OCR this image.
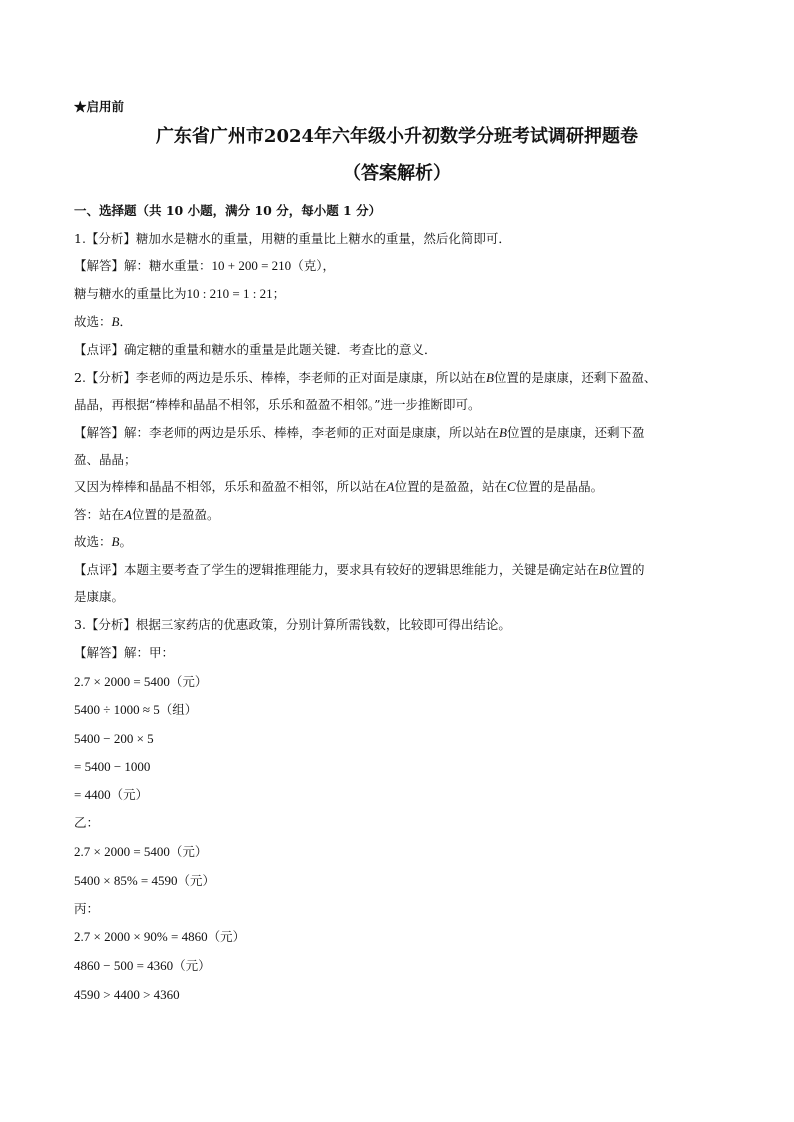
★启用前
广东省广州市2024年六年级小升初数学分班考试调研押题卷
（答案解析）
一、选择题（共 10 小题，满分 10 分，每小题 1 分）
1.【分析】糖加水是糖水的重量，用糖的重量比上糖水的重量，然后化简即可．
【解答】解：糖水重量：10 + 200 = 210（克），
糖与糖水的重量比为10 : 210 = 1 : 21；
故选：B．
【点评】确定糖的重量和糖水的重量是此题关键．考查比的意义．
2.【分析】李老师的两边是乐乐、棒棒，李老师的正对面是康康，所以站在B位置的是康康，还剩下盈盈、
晶晶，再根据“棒棒和晶晶不相邻，乐乐和盈盈不相邻。”进一步推断即可。
【解答】解：李老师的两边是乐乐、棒棒，李老师的正对面是康康，所以站在B位置的是康康，还剩下盈
盈、晶晶；
又因为棒棒和晶晶不相邻，乐乐和盈盈不相邻，所以站在A位置的是盈盈，站在C位置的是晶晶。
答：站在A位置的是盈盈。
故选：B。
【点评】本题主要考查了学生的逻辑推理能力，要求具有较好的逻辑思维能力，关键是确定站在B位置的
是康康。
3.【分析】根据三家药店的优惠政策，分别计算所需钱数，比较即可得出结论。
【解答】解：甲：
2.7 × 2000 = 5400（元）
5400 ÷ 1000 ≈ 5（组）
5400 − 200 × 5
= 5400 − 1000
= 4400（元）
乙：
2.7 × 2000 = 5400（元）
5400 × 85% = 4590（元）
丙：
2.7 × 2000 × 90% = 4860（元）
4860 − 500 = 4360（元）
4590 > 4400 > 4360
